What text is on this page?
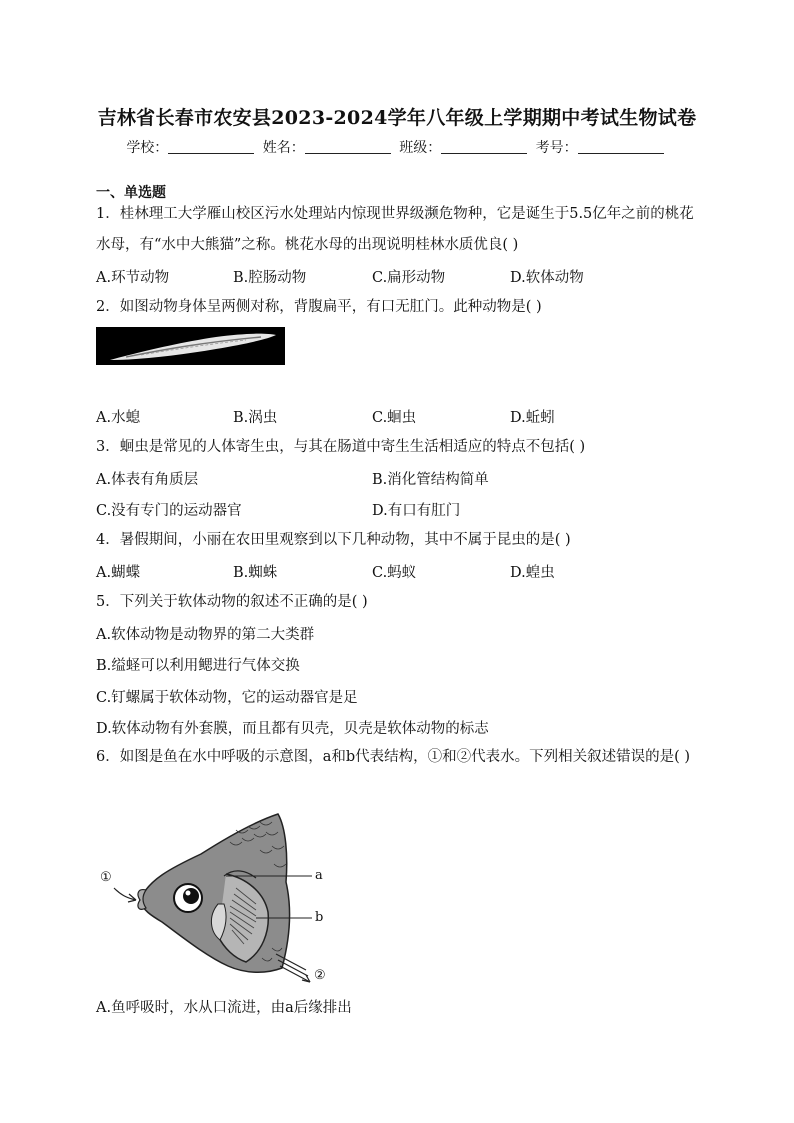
吉林省长春市农安县2023-2024学年八年级上学期期中考试生物试卷
学校：	姓名：	班级：	考号：
一、单选题
1．桂林理工大学雁山校区污水处理站内惊现世界级濒危物种，它是诞生于5.5亿年之前的桃花水母，有“水中大熊猫”之称。桃花水母的出现说明桂林水质优良( )
A.环节动物	B.腔肠动物	C.扁形动物	D.软体动物
2．如图动物身体呈两侧对称，背腹扁平，有口无肛门。此种动物是( )
A.水螅	B.涡虫	C.蛔虫	D.蚯蚓
3．蛔虫是常见的人体寄生虫，与其在肠道中寄生生活相适应的特点不包括( )
A.体表有角质层	B.消化管结构简单
C.没有专门的运动器官	D.有口有肛门
4．暑假期间，小丽在农田里观察到以下几种动物，其中不属于昆虫的是( )
A.蝴蝶	B.蜘蛛	C.蚂蚁	D.蝗虫
5．下列关于软体动物的叙述不正确的是( )
A.软体动物是动物界的第二大类群
B.缢蛏可以利用鳃进行气体交换
C.钉螺属于软体动物，它的运动器官是足
D.软体动物有外套膜，而且都有贝壳，贝壳是软体动物的标志
6．如图是鱼在水中呼吸的示意图，a和b代表结构，①和②代表水。下列相关叙述错误的是( )
①	a
b
②
A.鱼呼吸时，水从口流进，由a后缘排出
